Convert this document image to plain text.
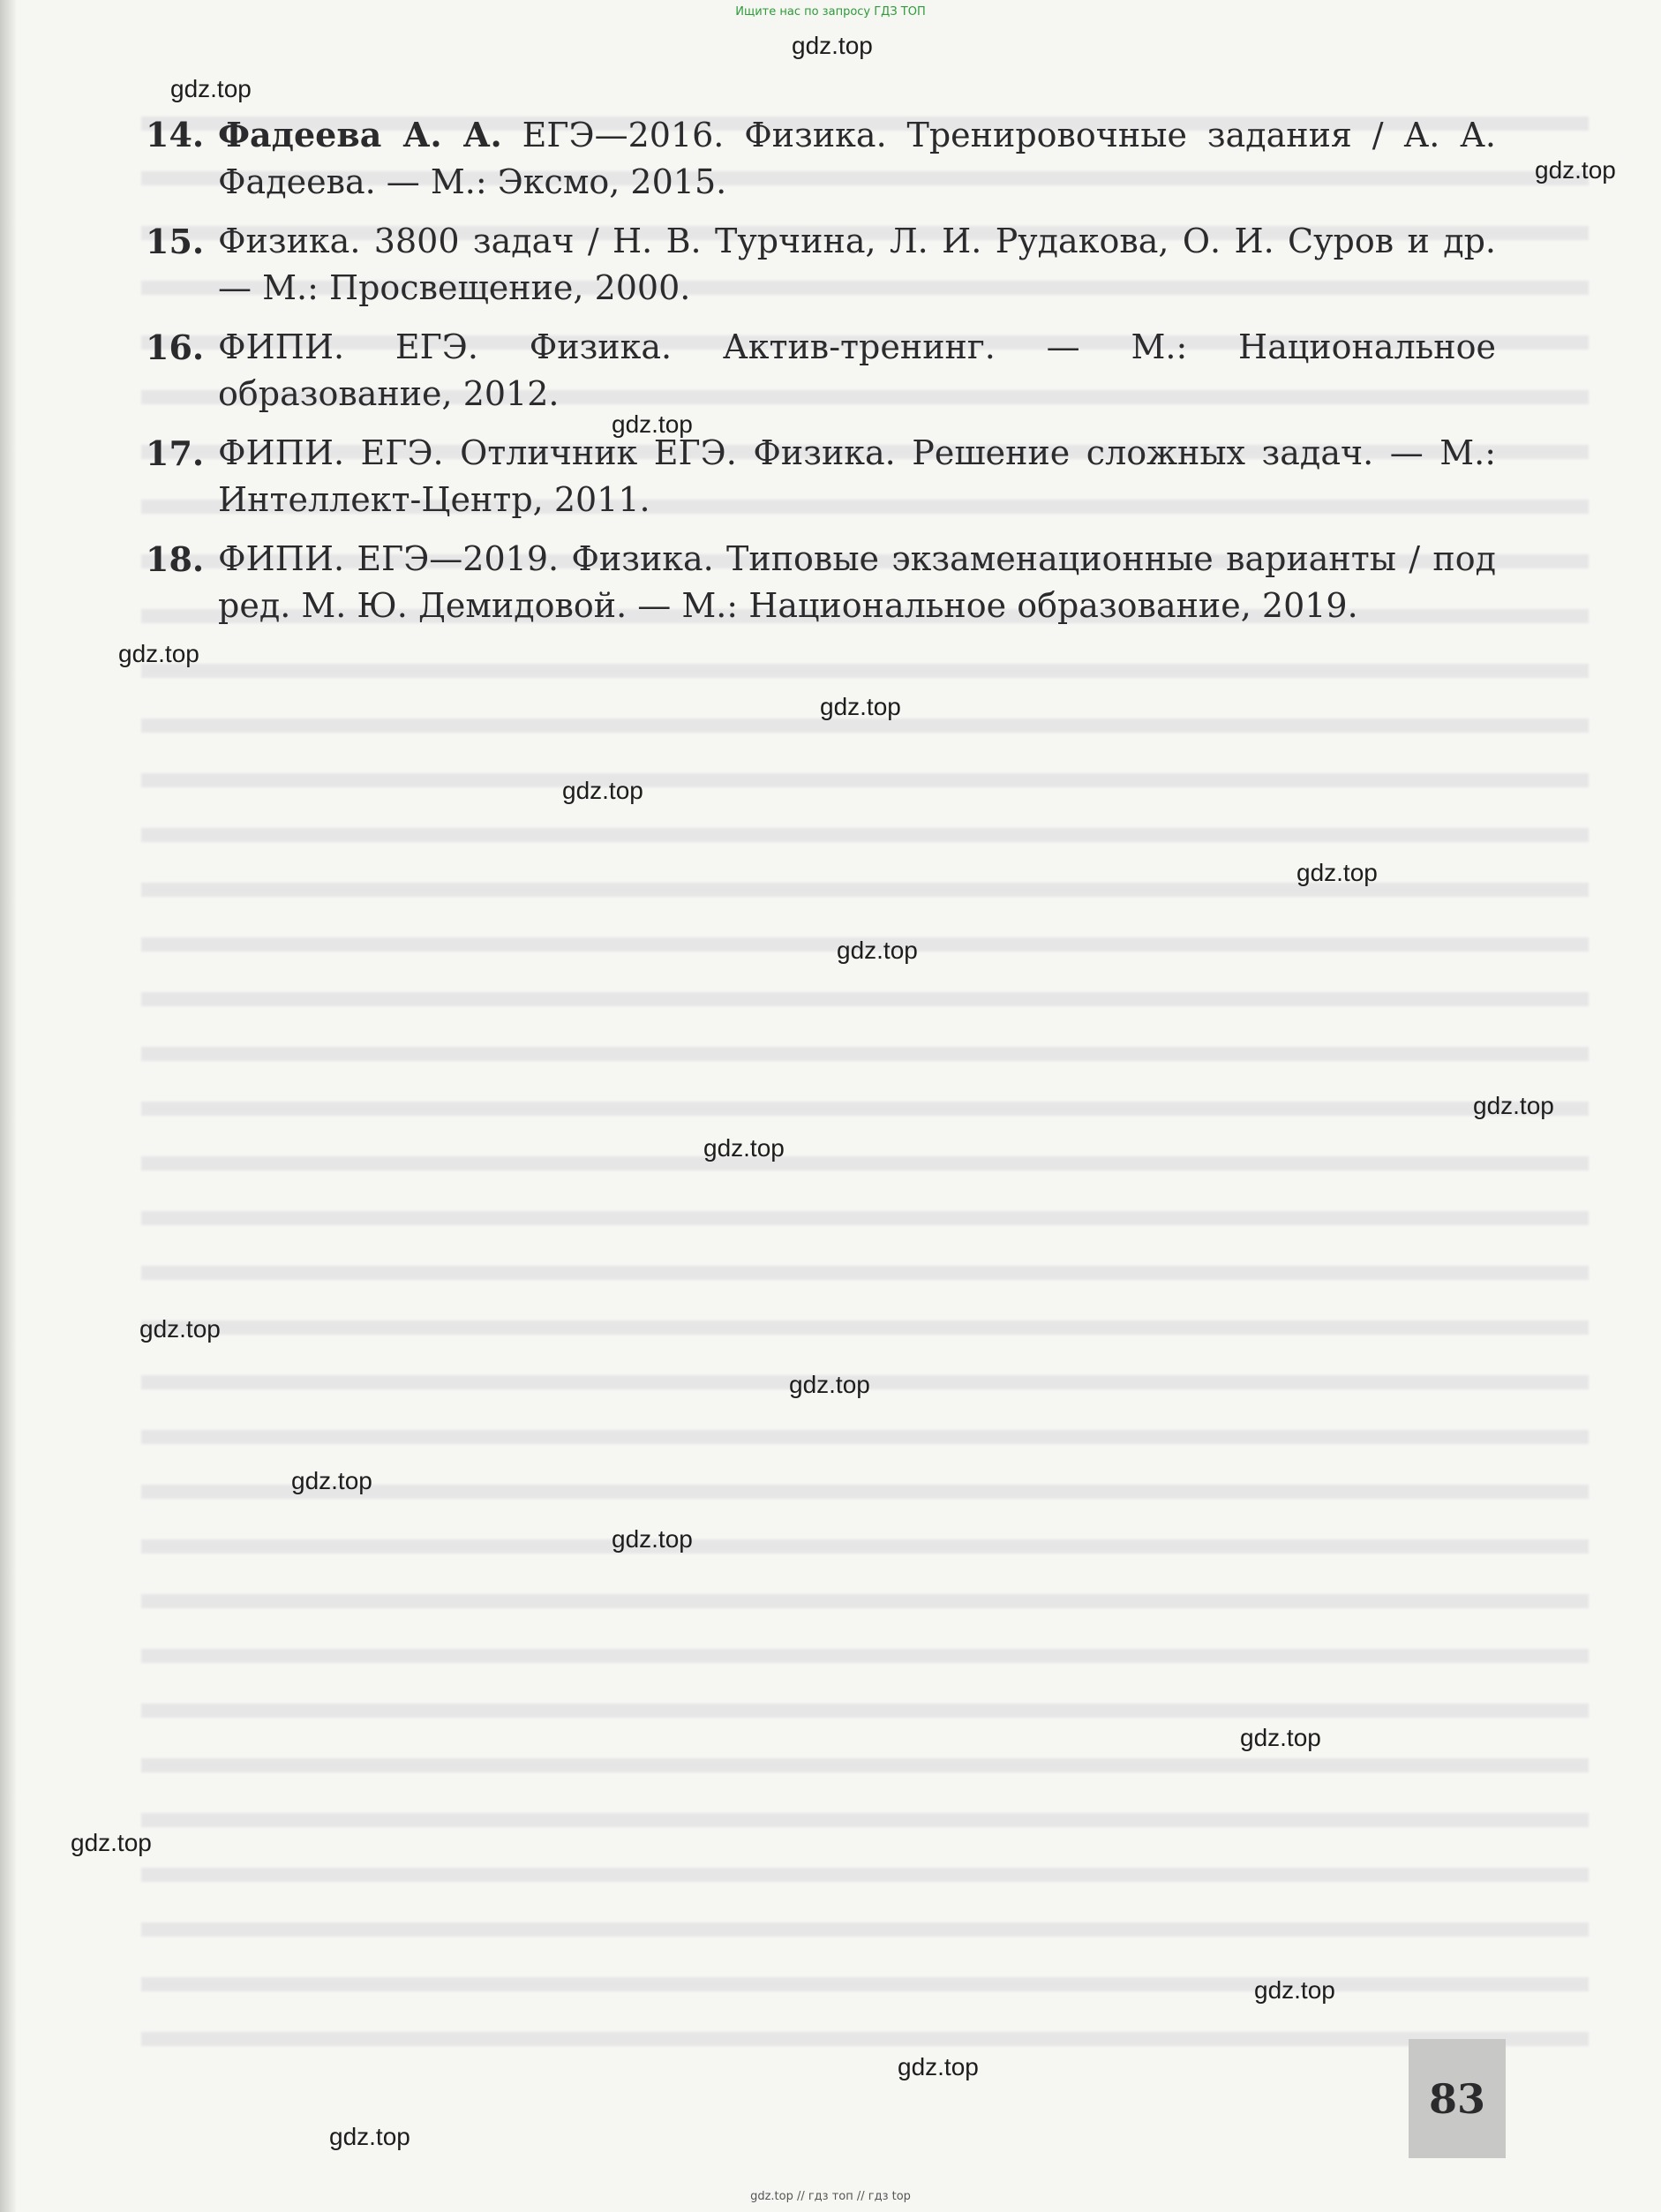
Ищите нас по запросу ГДЗ ТОП
14. Фадеева А. А. ЕГЭ—2016. Физика. Тренировочные задания / А. А. Фадеева. — М.: Эксмо, 2015.
15. Физика. 3800 задач / Н. В. Турчина, Л. И. Рудакова, О. И. Суров и др. — М.: Просвещение, 2000.
16. ФИПИ. ЕГЭ. Физика. Актив-тренинг. — М.: Национальное образование, 2012.
17. ФИПИ. ЕГЭ. Отличник ЕГЭ. Физика. Решение сложных задач. — М.: Интеллект-Центр, 2011.
18. ФИПИ. ЕГЭ—2019. Физика. Типовые экзаменационные варианты / под ред. М. Ю. Демидовой. — М.: Национальное образование, 2019.
gdz.top
gdz.top
gdz.top
gdz.top
gdz.top
gdz.top
gdz.top
gdz.top
gdz.top
gdz.top
gdz.top
gdz.top
gdz.top
gdz.top
gdz.top
gdz.top
gdz.top
gdz.top
gdz.top
gdz.top
83
gdz.top // гдз топ // гдз top
